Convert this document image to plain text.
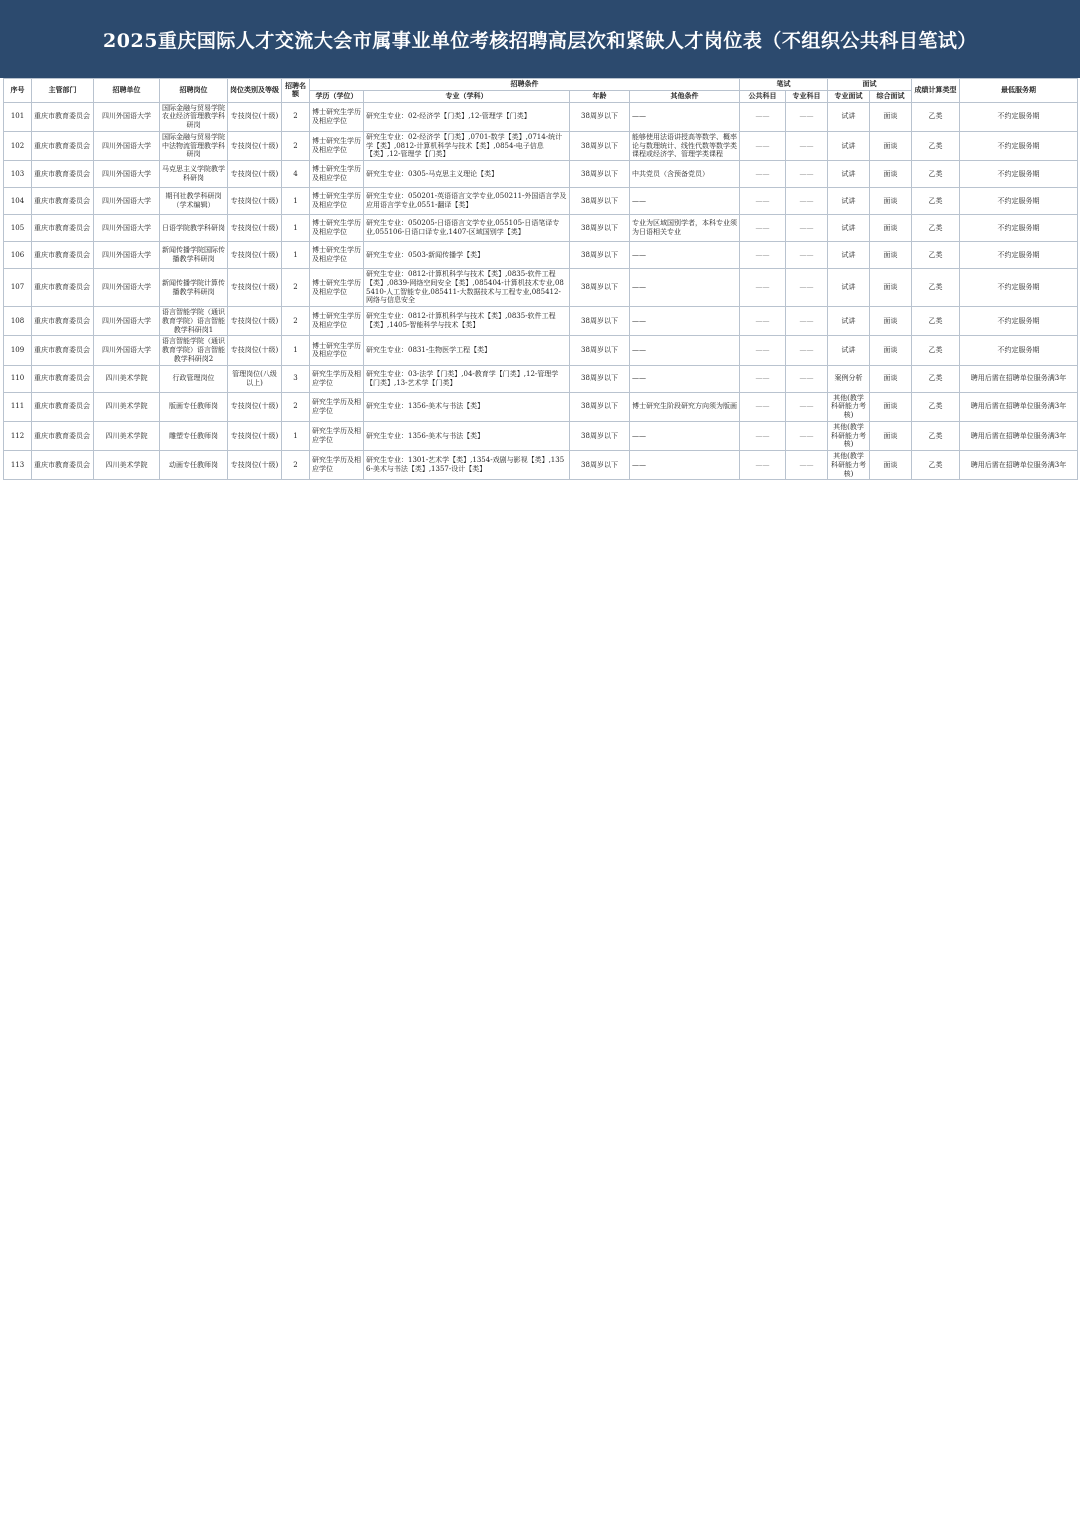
2025重庆国际人才交流大会市属事业单位考核招聘高层次和紧缺人才岗位表（不组织公共科目笔试）
序号	主管部门	招聘单位	招聘岗位	岗位类别及等级	招聘名额	招聘条件				笔试		面试		成绩计算类型	最低服务期
						学历（学位）	专业（学科）	年龄	其他条件	公共科目	专业科目	专业面试	综合面试		
101	重庆市教育委员会	四川外国语大学	国际金融与贸易学院农业经济管理教学科研岗	专技岗位(十级)	2	博士研究生学历及相应学位	研究生专业：02-经济学【门类】,12-管理学【门类】	38周岁以下	——	——	——	试讲	面谈	乙类	不约定服务期
102	重庆市教育委员会	四川外国语大学	国际金融与贸易学院中法物流管理教学科研岗	专技岗位(十级)	2	博士研究生学历及相应学位	研究生专业：02-经济学【门类】,0701-数学【类】,0714-统计学【类】,0812-计算机科学与技术【类】,0854-电子信息【类】,12-管理学【门类】	38周岁以下	能够使用法语讲授高等数学、概率论与数理统计、线性代数等数学类课程或经济学、管理学类课程	——	——	试讲	面谈	乙类	不约定服务期
103	重庆市教育委员会	四川外国语大学	马克思主义学院教学科研岗	专技岗位(十级)	4	博士研究生学历及相应学位	研究生专业：0305-马克思主义理论【类】	38周岁以下	中共党员（含预备党员）	——	——	试讲	面谈	乙类	不约定服务期
104	重庆市教育委员会	四川外国语大学	期刊社教学科研岗（学术编辑）	专技岗位(十级)	1	博士研究生学历及相应学位	研究生专业：050201-英语语言文学专业,050211-外国语言学及应用语言学专业,0551-翻译【类】	38周岁以下	——	——	——	试讲	面谈	乙类	不约定服务期
105	重庆市教育委员会	四川外国语大学	日语学院教学科研岗	专技岗位(十级)	1	博士研究生学历及相应学位	研究生专业：050205-日语语言文学专业,055105-日语笔译专业,055106-日语口译专业,1407-区域国别学【类】	38周岁以下	专业为区域国别学者，本科专业须为日语相关专业	——	——	试讲	面谈	乙类	不约定服务期
106	重庆市教育委员会	四川外国语大学	新闻传播学院国际传播教学科研岗	专技岗位(十级)	1	博士研究生学历及相应学位	研究生专业：0503-新闻传播学【类】	38周岁以下	——	——	——	试讲	面谈	乙类	不约定服务期
107	重庆市教育委员会	四川外国语大学	新闻传播学院计算传播教学科研岗	专技岗位(十级)	2	博士研究生学历及相应学位	研究生专业：0812-计算机科学与技术【类】,0835-软件工程【类】,0839-网络空间安全【类】,085404-计算机技术专业,085410-人工智能专业,085411-大数据技术与工程专业,085412-网络与信息安全	38周岁以下	——	——	——	试讲	面谈	乙类	不约定服务期
108	重庆市教育委员会	四川外国语大学	语言智能学院（通识教育学院）语言智能教学科研岗1	专技岗位(十级)	2	博士研究生学历及相应学位	研究生专业：0812-计算机科学与技术【类】,0835-软件工程【类】,1405-智能科学与技术【类】	38周岁以下	——	——	——	试讲	面谈	乙类	不约定服务期
109	重庆市教育委员会	四川外国语大学	语言智能学院（通识教育学院）语言智能教学科研岗2	专技岗位(十级)	1	博士研究生学历及相应学位	研究生专业：0831-生物医学工程【类】	38周岁以下	——	——	——	试讲	面谈	乙类	不约定服务期
110	重庆市教育委员会	四川美术学院	行政管理岗位	管理岗位(八级以上)	3	研究生学历及相应学位	研究生专业：03-法学【门类】,04-教育学【门类】,12-管理学【门类】,13-艺术学【门类】	38周岁以下	——	——	——	案例分析	面谈	乙类	聘用后需在招聘单位服务满3年
111	重庆市教育委员会	四川美术学院	版画专任教师岗	专技岗位(十级)	2	研究生学历及相应学位	研究生专业：1356-美术与书法【类】	38周岁以下	博士研究生阶段研究方向须为版画	——	——	其他(教学科研能力考核)	面谈	乙类	聘用后需在招聘单位服务满3年
112	重庆市教育委员会	四川美术学院	雕塑专任教师岗	专技岗位(十级)	1	研究生学历及相应学位	研究生专业：1356-美术与书法【类】	38周岁以下	——	——	——	其他(教学科研能力考核)	面谈	乙类	聘用后需在招聘单位服务满3年
113	重庆市教育委员会	四川美术学院	动画专任教师岗	专技岗位(十级)	2	研究生学历及相应学位	研究生专业：1301-艺术学【类】,1354-戏剧与影视【类】,1356-美术与书法【类】,1357-设计【类】	38周岁以下	——	——	——	其他(教学科研能力考核)	面谈	乙类	聘用后需在招聘单位服务满3年
